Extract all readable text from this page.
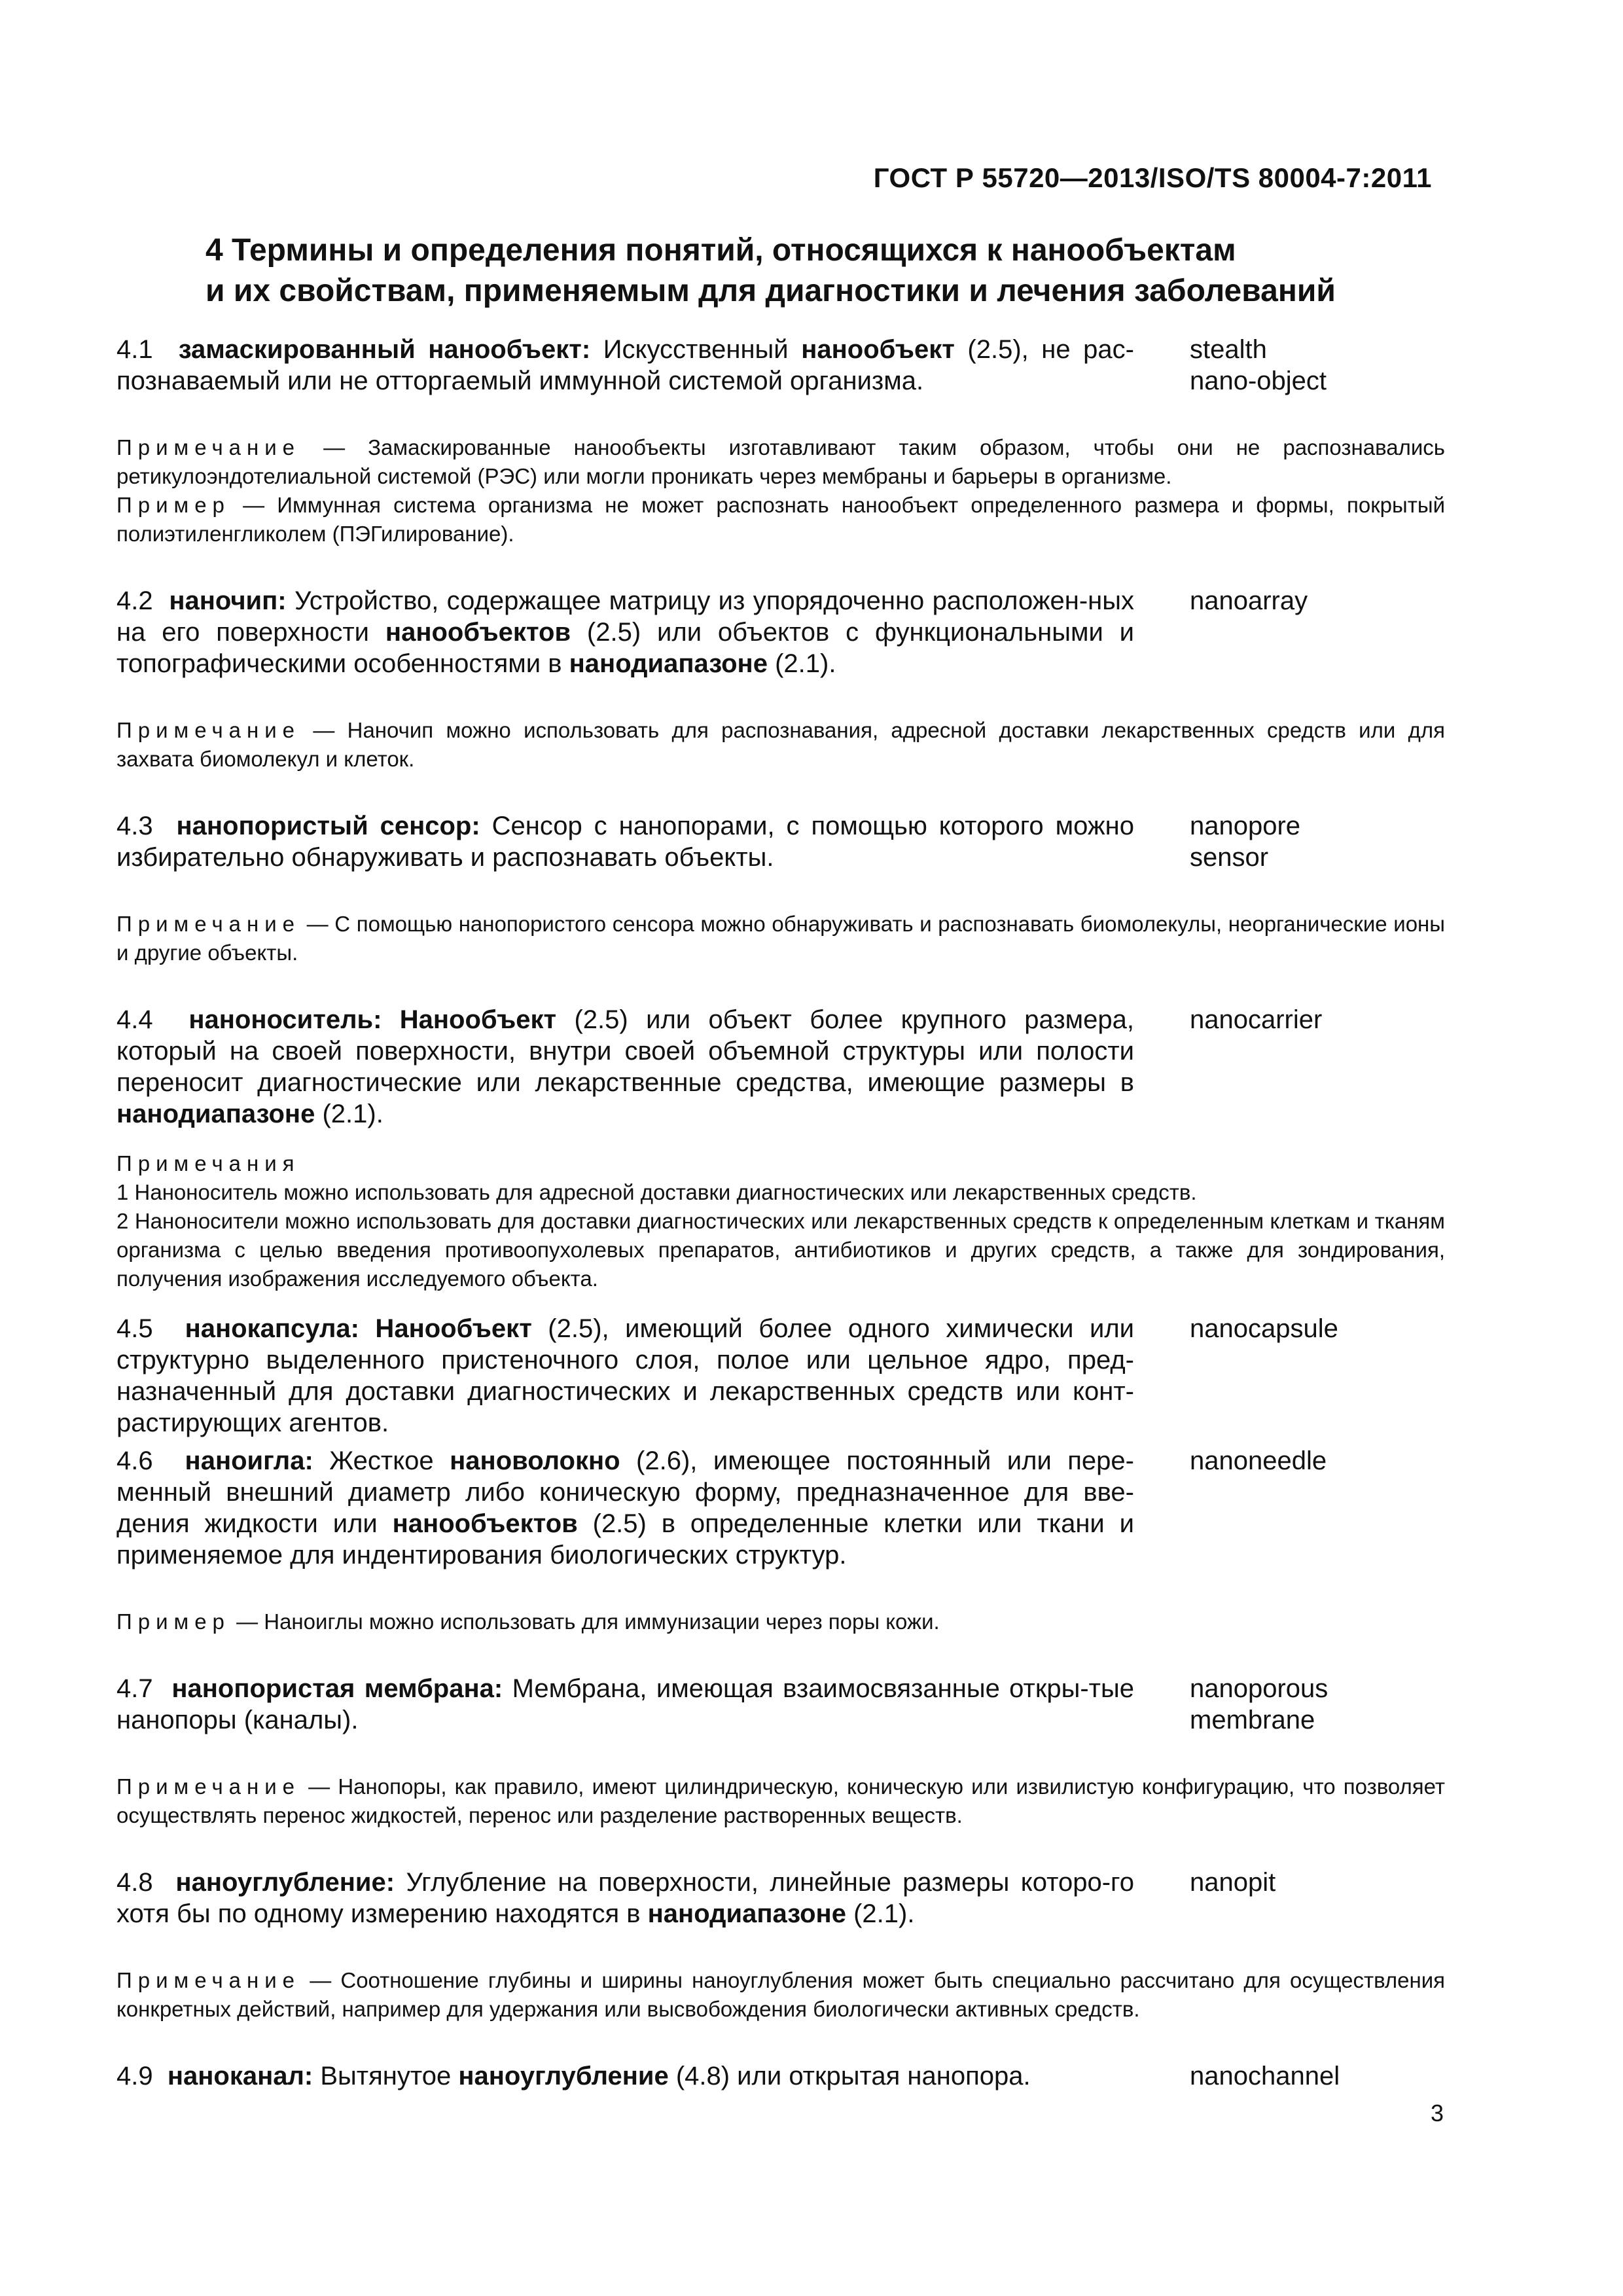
ГОСТ Р 55720—2013/ISO/TS 80004-7:2011
4 Термины и определения понятий, относящихся к нанообъектам
и их свойствам, применяемым для диагностики и лечения заболеваний
4.1 замаскированный нанообъект: Искусственный нанообъект (2.5), не рас-познаваемый или не отторгаемый иммунной системой организма.
stealth
nano-object
Примечание — Замаскированные нанообъекты изготавливают таким образом, чтобы они не распознавались ретикулоэндотелиальной системой (РЭС) или могли проникать через мембраны и барьеры в организме.
Пример — Иммунная система организма не может распознать нанообъект определенного размера и формы, покрытый полиэтиленгликолем (ПЭГилирование).
4.2 наночип: Устройство, содержащее матрицу из упорядоченно расположен-ных на его поверхности нанообъектов (2.5) или объектов с функциональными и топографическими особенностями в нанодиапазоне (2.1).
nanoarray
Примечание — Наночип можно использовать для распознавания, адресной доставки лекарственных средств или для захвата биомолекул и клеток.
4.3 нанопористый сенсор: Сенсор с нанопорами, с помощью которого можно избирательно обнаруживать и распознавать объекты.
nanopore sensor
Примечание — С помощью нанопористого сенсора можно обнаруживать и распознавать биомолекулы, неорганические ионы и другие объекты.
4.4 наноноситель: Нанообъект (2.5) или объект более крупного размера, который на своей поверхности, внутри своей объемной структуры или полости переносит диагностические или лекарственные средства, имеющие размеры в нанодиапазоне (2.1).
nanocarrier
Примечания
1 Наноноситель можно использовать для адресной доставки диагностических или лекарственных средств.
2 Наноносители можно использовать для доставки диагностических или лекарственных средств к определенным клеткам и тканям организма с целью введения противоопухолевых препаратов, антибиотиков и других средств, а также для зондирования, получения изображения исследуемого объекта.
4.5 нанокапсула: Нанообъект (2.5), имеющий более одного химически или структурно выделенного пристеночного слоя, полое или цельное ядро, пред-назначенный для доставки диагностических и лекарственных средств или конт-растирующих агентов.
nanocapsule
4.6 наноигла: Жесткое нановолокно (2.6), имеющее постоянный или пере-менный внешний диаметр либо коническую форму, предназначенное для вве-дения жидкости или нанообъектов (2.5) в определенные клетки или ткани и применяемое для индентирования биологических структур.
nanoneedle
Пример — Наноиглы можно использовать для иммунизации через поры кожи.
4.7 нанопористая мембрана: Мембрана, имеющая взаимосвязанные откры-тые нанопоры (каналы).
nanoporous
membrane
Примечание — Нанопоры, как правило, имеют цилиндрическую, коническую или извилистую конфигурацию, что позволяет осуществлять перенос жидкостей, перенос или разделение растворенных веществ.
4.8 наноуглубление: Углубление на поверхности, линейные размеры которо-го хотя бы по одному измерению находятся в нанодиапазоне (2.1).
nanopit
Примечание — Соотношение глубины и ширины наноуглубления может быть специально рассчитано для осуществления конкретных действий, например для удержания или высвобождения биологически активных средств.
4.9 наноканал: Вытянутое наноуглубление (4.8) или открытая нанопора.	nanochannel
3
